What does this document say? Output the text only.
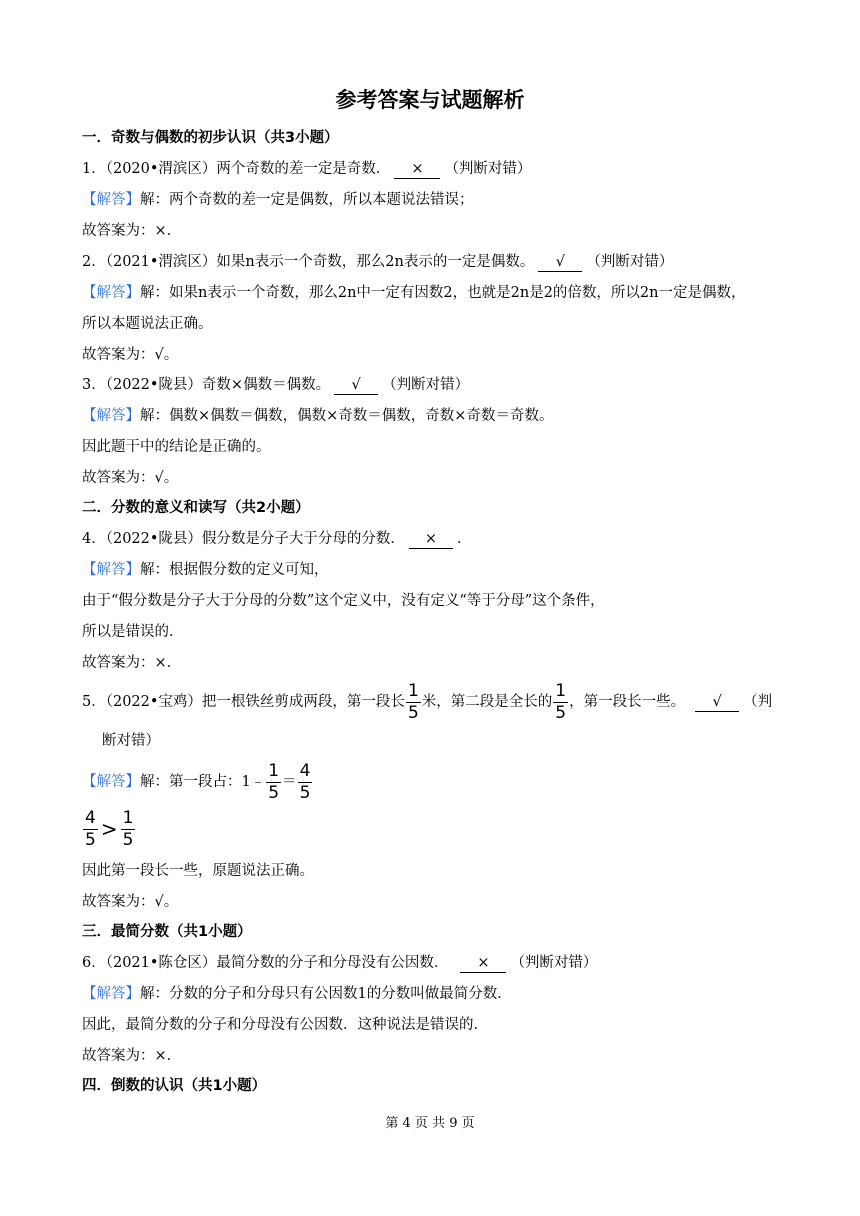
参考答案与试题解析
一．奇数与偶数的初步认识（共3小题）
1．（2020•渭滨区）两个奇数的差一定是奇数． × （判断对错）
【解答】解：两个奇数的差一定是偶数，所以本题说法错误；
故答案为：×．
2．（2021•渭滨区）如果n表示一个奇数，那么2n表示的一定是偶数。 √ （判断对错）
【解答】解：如果n表示一个奇数，那么2n中一定有因数2，也就是2n是2的倍数，所以2n一定是偶数，
所以本题说法正确。
故答案为：√。
3．（2022•陇县）奇数×偶数＝偶数。 √ （判断对错）
【解答】解：偶数×偶数＝偶数，偶数×奇数＝偶数，奇数×奇数＝奇数。
因此题干中的结论是正确的。
故答案为：√。
二．分数的意义和读写（共2小题）
4．（2022•陇县）假分数是分子大于分母的分数． × ．
【解答】解：根据假分数的定义可知，
由于“假分数是分子大于分母的分数”这个定义中，没有定义“等于分母”这个条件，
所以是错误的．
故答案为：×．
5．（2022•宝鸡）把一根铁丝剪成两段，第一段长 $\frac{1}{5}$ 米，第二段是全长的 $\frac{1}{5}$ ，第一段长一些。 √ （判
断对错）
【解答】解：第一段占：1﹣ $\frac{1}{5} = \frac{4}{5}$
$\frac{4}{5} > \frac{1}{5}$
因此第一段长一些，原题说法正确。
故答案为：√。
三．最简分数（共1小题）
6．（2021•陈仓区）最简分数的分子和分母没有公因数． × （判断对错）
【解答】解：分数的分子和分母只有公因数1的分数叫做最简分数．
因此，最简分数的分子和分母没有公因数．这种说法是错误的．
故答案为：×．
四．倒数的认识（共1小题）
第 4 页 共 9 页
